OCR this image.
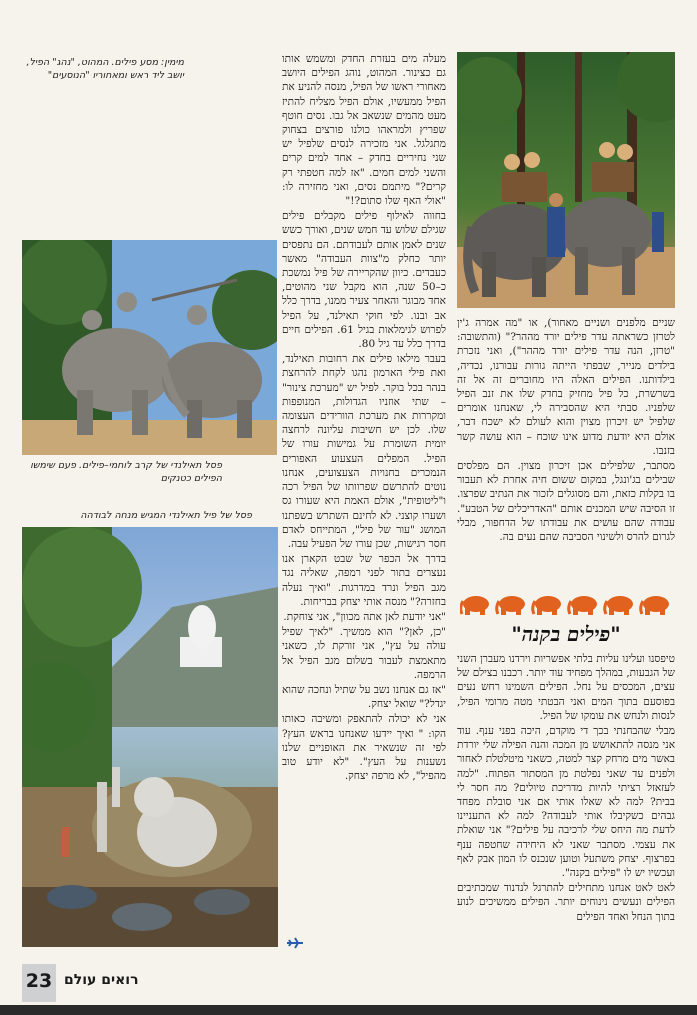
מימין: מסע פילים. המהוט, "נהג" הפיל, יושב ליד ראש ומאחוריו "הנוסעים"
פסל תאילנדי של קרב לוחמי–פילים. פעם שימשו הפילים כטנקים
פסל של פיל תאילנדי המגיש מנחה לבודהה

מעלה מים בעזרת החדק ומשמש אותו גם כצינור. המהוט, נוהג הפילים היושב מאחורי ראשו של הפיל, מנסה להניע את הפיל ממעשיו, אולם הפיל מצליח להתיז מעט מהמים שנשאב אל גבו. נסים חוטף שפריץ ולמראהו כולנו פורצים בצחוק מתגלגל. אני מזכירה לנסים שלפיל יש שני נחיריים בחדק – אחד למים קרים והשני למים חמים. "אז למה חטפתי רק קרים?" מיתמם נסים, ואני מחזירה לו: "אולי האף שלו סתום?!"

בחווה לאילוף פילים מקבלים פילים שגילם שלוש עד חמש שנים, ואורך כשש שנים לאמן אותם לעבודתם. הם נתפסים יותר כחלק מ"צוות העבודה" מאשר כעבדים. כיוון שהקריירה של פיל נמשכת כ–50 שנה, הוא מקבל שני מהוטים, אחד מבוגר והאחר צעיר ממנו, בדרך כלל אב ובנו. לפי חוקי תאילנד, על הפיל לפרוש לגימלאות בגיל 61. הפילים חיים בדרך כלל עד גיל 80.

בעבר מילאו פילים את רחובות תאילנד, ואת פילי הארמון נהגו לקחת להרחצת בנהר בכל בוקר. לפיל יש "מערכת צינור" – שתי אוזניו הגדולות, המנופפות ומקררות את מערכת הוורידים העצומה שלו. לכן יש חשיבות עליונה לרחצה יומית השומרת על גמישות עורו של הפיל. המפלים העצעוע האפורים הנמכרים בחנויות הצעצועים, אנחנו נוטים להתרשם שפרוותו של הפיל רכה ו"ליטופית", אולם האמת היא שעורו גס ושערו קוצני. לא לחינם השתרש בשפתנו המושג "עור של פיל", המתייחס לאדם חסר רגישות, שכן עורו של הפעיל עבה.

בדרך אל הכפר של שבט הקארן אנו נעצרים בתור לפני רמפה, שאליה נגד מגב הפיל ונרד במדרגות. "ואיך נעלה בחזרה?" מנסה אותי יצחק בבריחות.

"אני יודעת לאן אתה מכוון", אני צוחקת.

"כן, לאן?" הוא ממשיך. "לאיך שפיל עולה על עץ", אני זורקת לו, כשאני מתאמצת לעבור בשלום מגב הפיל אל הרמפה.

"אז גם אנחנו נשב על שתיל ונחכה שהוא יגדל?" שואל יצחק.

אני לא יכולה להתאפק ומשיבה כאותו הקו: " ואיך יידעו שאנחנו בראש העץ? לפי זה שנשאיר את האופניים שלנו נשענות על העץ". "לא יודע טוב מהפיל", לא מרפה יצחק.

שניים מלפנים ושניים מאחור), או "מה אמרה ג'ין לטרזן כשראתה עדר פילים יורד מההר?" (והתשובה: "טרזן, הנה עדר פילים יורד מההר"), ואני נזכרת בילדים מנייר, שבפתי הייתה גורות עבורנו, נכדיה, בילדותנו. הפילים האלה היו מחוברים זה אל זה בשרשרת, כל פיל מחזיק בחדק שלו את זנב הפיל שלפניו. סבתי היא שהסבירה לי, שאנחנו אומרים שלפיל יש זיכרון מצוין והוא לעולם לא ישכח דבר, אולם היא יודעת מדוע אינו שוכח – הוא עושה קשר בזנבו.

מסתבר, שלפילים אכן זיכרון מצוין. הם מפלסים שבילים בג'ונגל, במקום ששום חיה אחרת לא תעבור בו בקלות כזאת, והם מסוגלים לזכור את הנתיב שפרצו. זו הסיבה שיש המכנים אותם "האדריכלים של הטבע". עבודה שהם עושים את עבודתו של הדחפור, מבלי לגרום להרס ולשינוי הסביבה שהם נעים בה.

"פילים בקנה"

טיפסנו ועלינו עליות בלתי אפשריות וירדנו מעברן השני של הגבעות, במהלך מפחיד עוד יותר. רכבנו בצילם של עצים, המכסים על נחל. הפילים השמינו רחש נעים בפוסעם בתוך המים ואני הבטתי מטה מרומי הפיל, לנסות ולנחש את עומקו של הפיל.

מבלי שהבחנתי בכך די מוקדם, היכה בפני ענף. עוד אני מנסה להתאושש מן המכה והנה הפילה שלי יורדת באשר מים מרחק קצר למטה, כשאני מיטלטלת לאחור ולפנים עד שאני נפלטת מן המסתור הפתוח. "למה לעזאזל רציתי להיות מדריכת טיולים? מה חסר לי בבית? למה לא שאלו אותי אם אני סובלת מפחד גבהים כשקיבלו אותי לעבודה? למה לא התעניינו לדעת מה היחס שלי לרכיבה על פילים?" אני שואלת את עצמי. מסתבר שאני לא היחידה שחטפה ענף בפרצוף. יצחק משתעל וטוען שנכנס לו המון אבק לאף ועכשיו יש לו "פילים בקנה".

לאט לאט אנחנו מתחילים להתרגל לנדנוד שמכתיבים הפילים ונעשים נינוחים יותר. הפילים ממשיכים לנוע בתוך הנחל ואחד הפילים

23 רואים עולם
